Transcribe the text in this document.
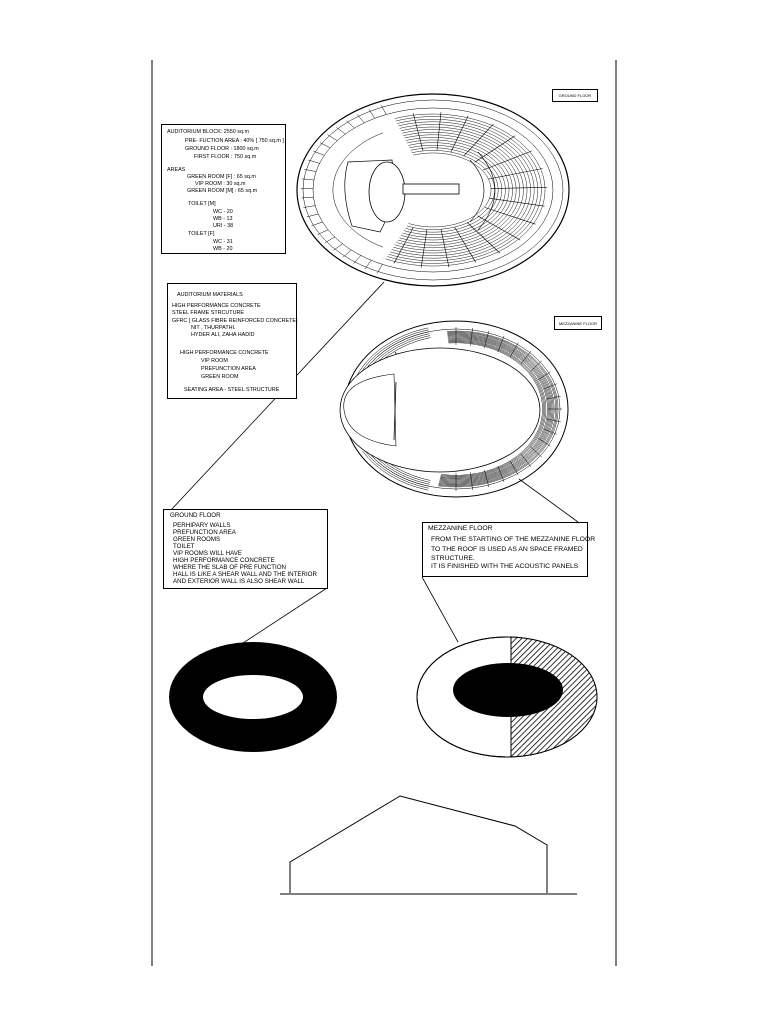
GROUND FLOOR
MEZZANINE FLOOR
AUDITORIUM BLOCK: 2550 sq.m
PRE- FUCTION AREA : 40% [ 750 sq.m ]
GROUND FLOOR : 1800 sq.m
FIRST FLOOR : 750 sq.m
AREAS
GREEN ROOM [F] : 65 sq.m
VIP ROOM : 30 sq.m
GREEN ROOM [M] : 65 sq.m
TOILET [M]
WC - 20
WB - 13
URI - 38
TOILET [F]
WC - 31
WB - 20
AUDITORIUM MATERIALS
HIGH PERFORMANCE CONCRETE
STEEL FRAME STRCUTURE
GFRC [ GLASS FIBRE REINFORCED CONCRETE]
NIT , THURPATHI.
HYDER ALI, ZAHA HADID
HIGH PERFORMANCE CONCRETE
VIP ROOM
PREFUNCTION AREA
GREEN ROOM
SEATING AREA - STEEL STRUCTURE
GROUND FLOOR
PERHIPARY WALLS
PREFUNCTION AREA
GREEN ROOMS
TOILET
VIP ROOMS WILL HAVE
HIGH PERFORMANCE CONCRETE
WHERE THE SLAB OF PRE FUNCTION
HALL IS LIKE A SHEAR WALL AND THE INTERIOR
AND EXTERIOR WALL IS ALSO SHEAR WALL
MEZZANINE FLOOR
FROM THE STARTING OF THE MEZZANINE FLOOR
TO THE ROOF IS USED AS AN SPACE FRAMED
STRUCTURE.
IT IS FINISHED WITH THE ACOUSTIC PANELS
